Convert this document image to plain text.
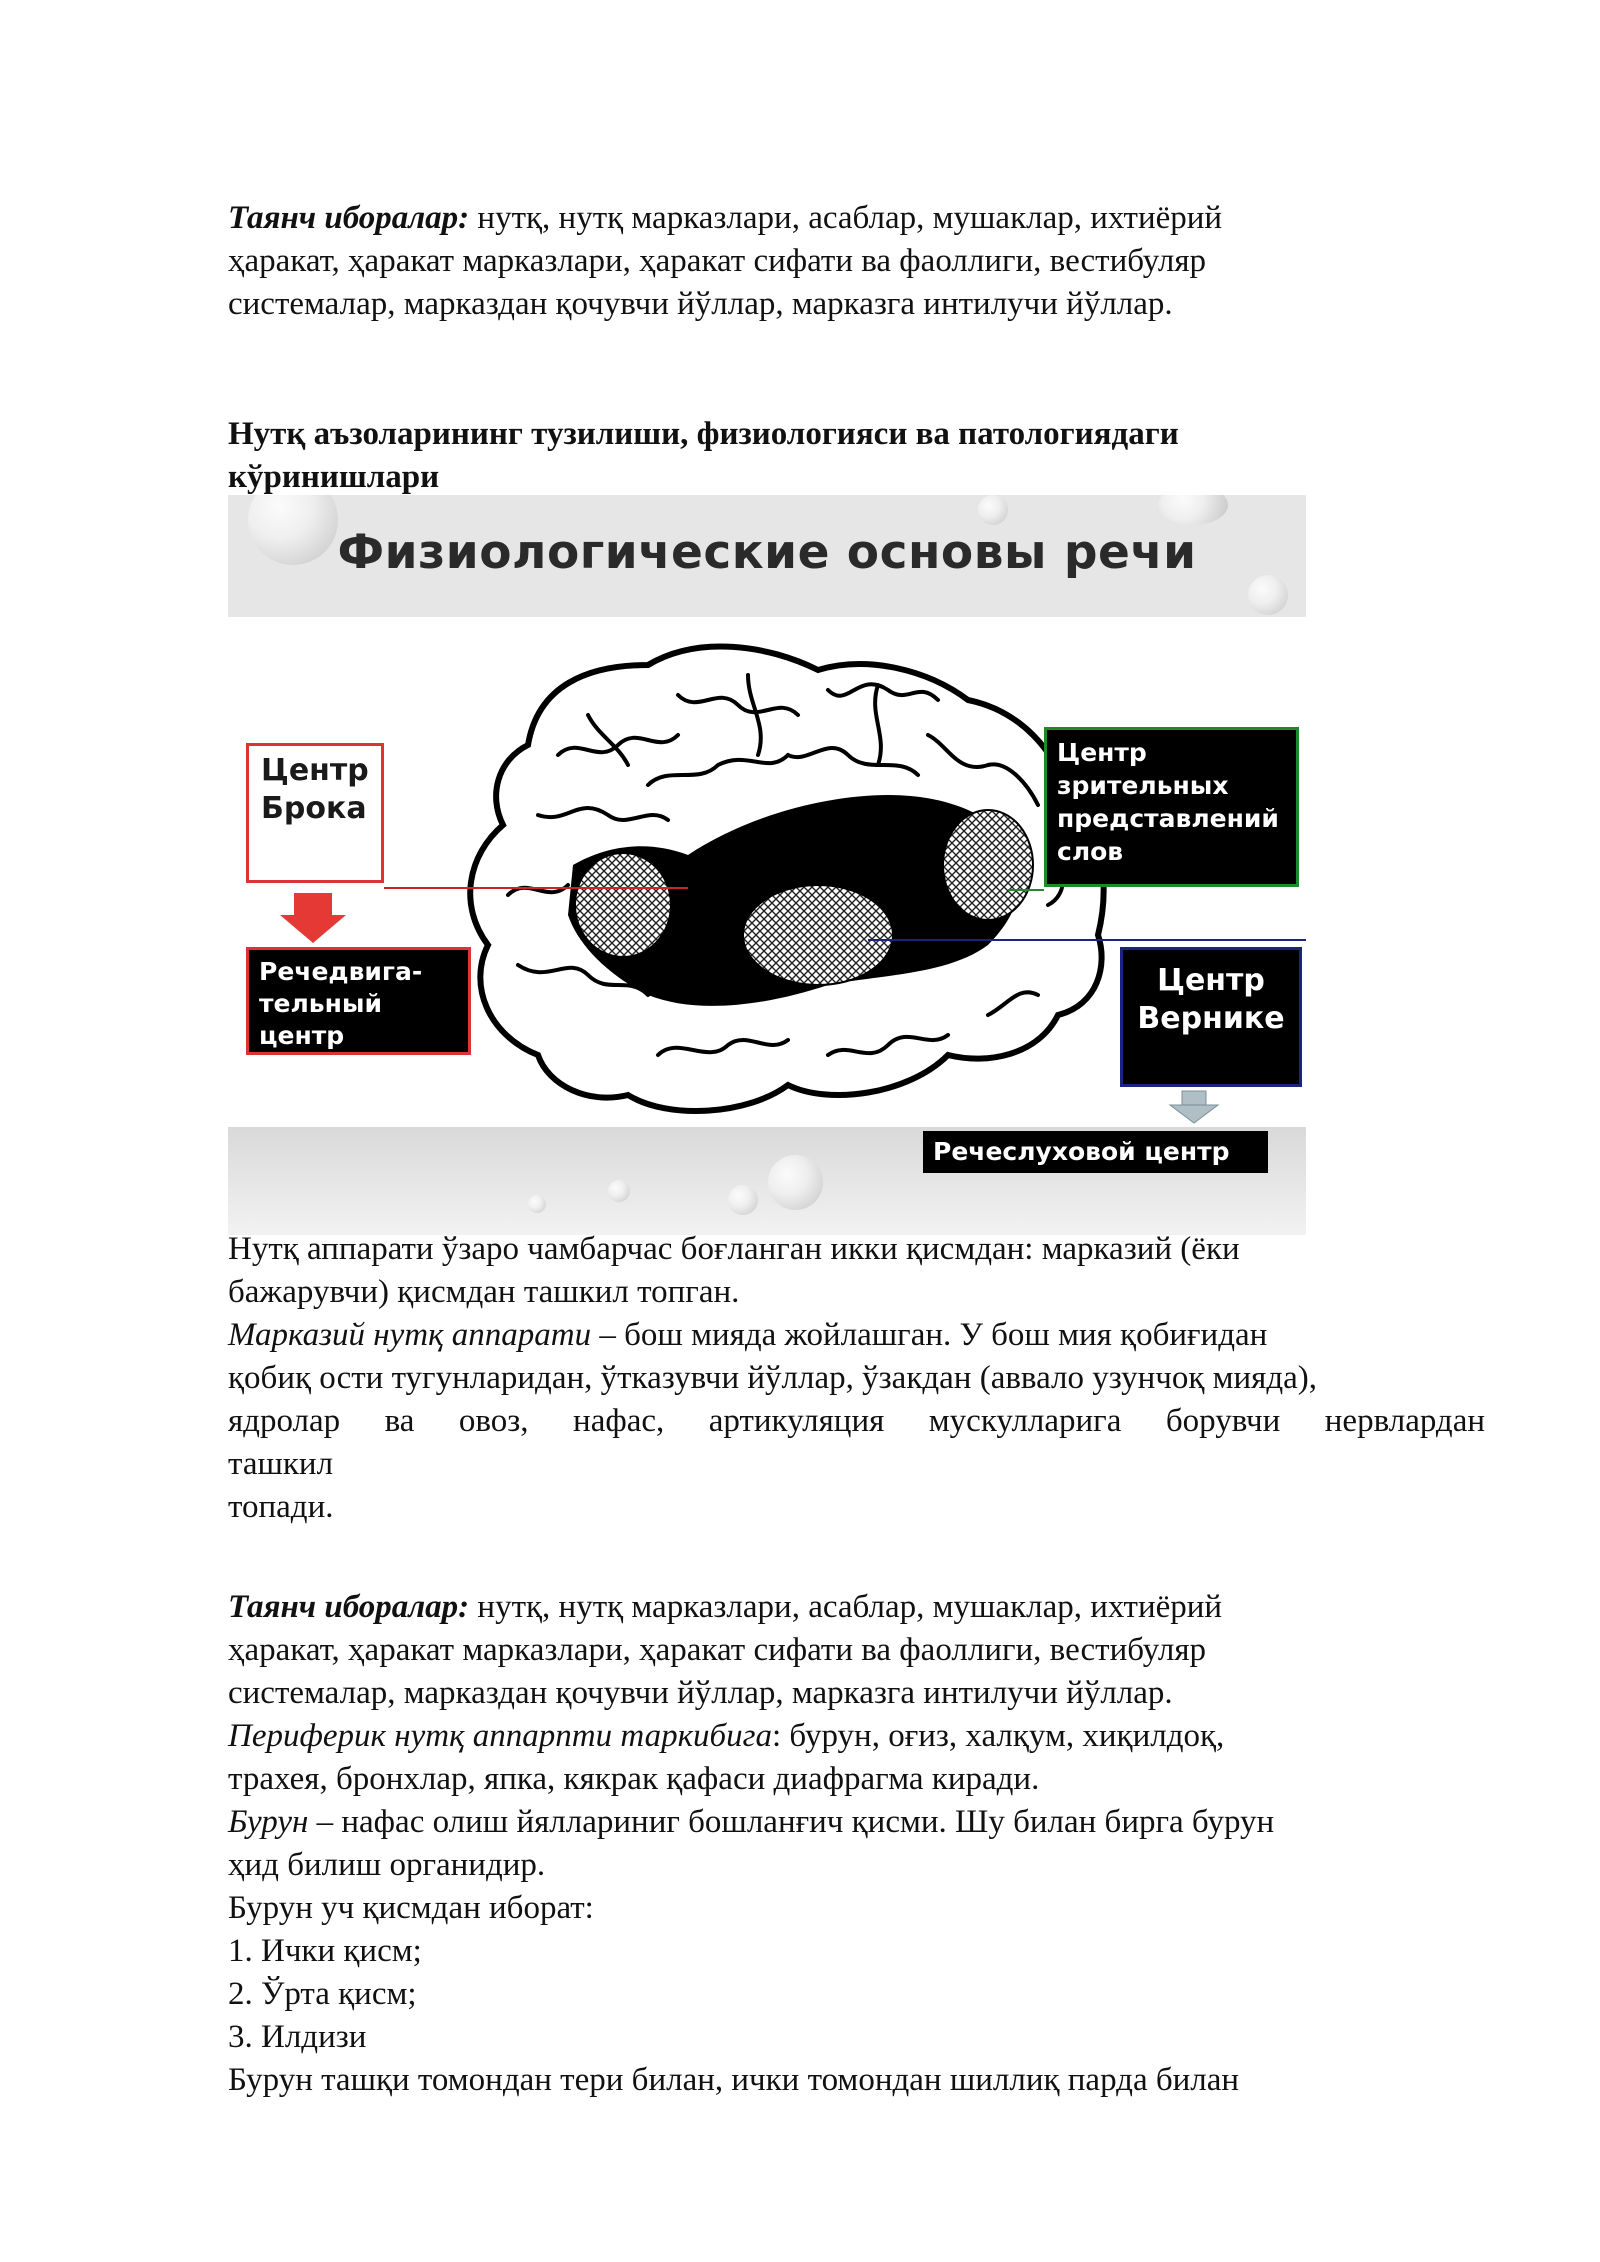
Таянч иборалар: нутқ, нутқ марказлари, асаблар, мушаклар, ихтиёрий
ҳаракат, ҳаракат марказлари, ҳаракат сифати ва фаоллиги, вестибуляр
системалар, марказдан қочувчи йўллар, марказга интилучи йўллар.
Нутқ аъзоларининг тузилиши, физиологияси ва патологиядаги
кўринишлари
Физиологические основы речи
Центр
Брока
Речедвига-
тельный
центр
Центр
зрительных
представлений
слов
Центр
Вернике
Речеслуховой центр
Нутқ аппарати ўзаро чамбарчас боғланган икки қисмдан: марказий (ёки
бажарувчи) қисмдан ташкил топган.
Марказий нутқ аппарати – бош мияда жойлашган. У бош мия қобиғидан
қобиқ ости тугунларидан, ўтказувчи йўллар, ўзакдан (аввало узунчоқ мияда),
ядролар ва овоз, нафас, артикуляция мускулларига борувчи нервлардан
ташкил
топади.
Таянч иборалар: нутқ, нутқ марказлари, асаблар, мушаклар, ихтиёрий
ҳаракат, ҳаракат марказлари, ҳаракат сифати ва фаоллиги, вестибуляр
системалар, марказдан қочувчи йўллар, марказга интилучи йўллар.
Периферик нутқ аппарпти таркибига: бурун, оғиз, халқум, хиқилдоқ,
трахея, бронхлар, япка, кякрак қафаси диафрагма киради.
Бурун – нафас олиш йяллариниг бошланғич қисми. Шу билан бирга бурун
ҳид билиш органидир.
Бурун уч қисмдан иборат:
1. Ички қисм;
2. Ўрта қисм;
3. Илдизи
Бурун ташқи томондан тери билан, ички томондан шиллиқ парда билан
